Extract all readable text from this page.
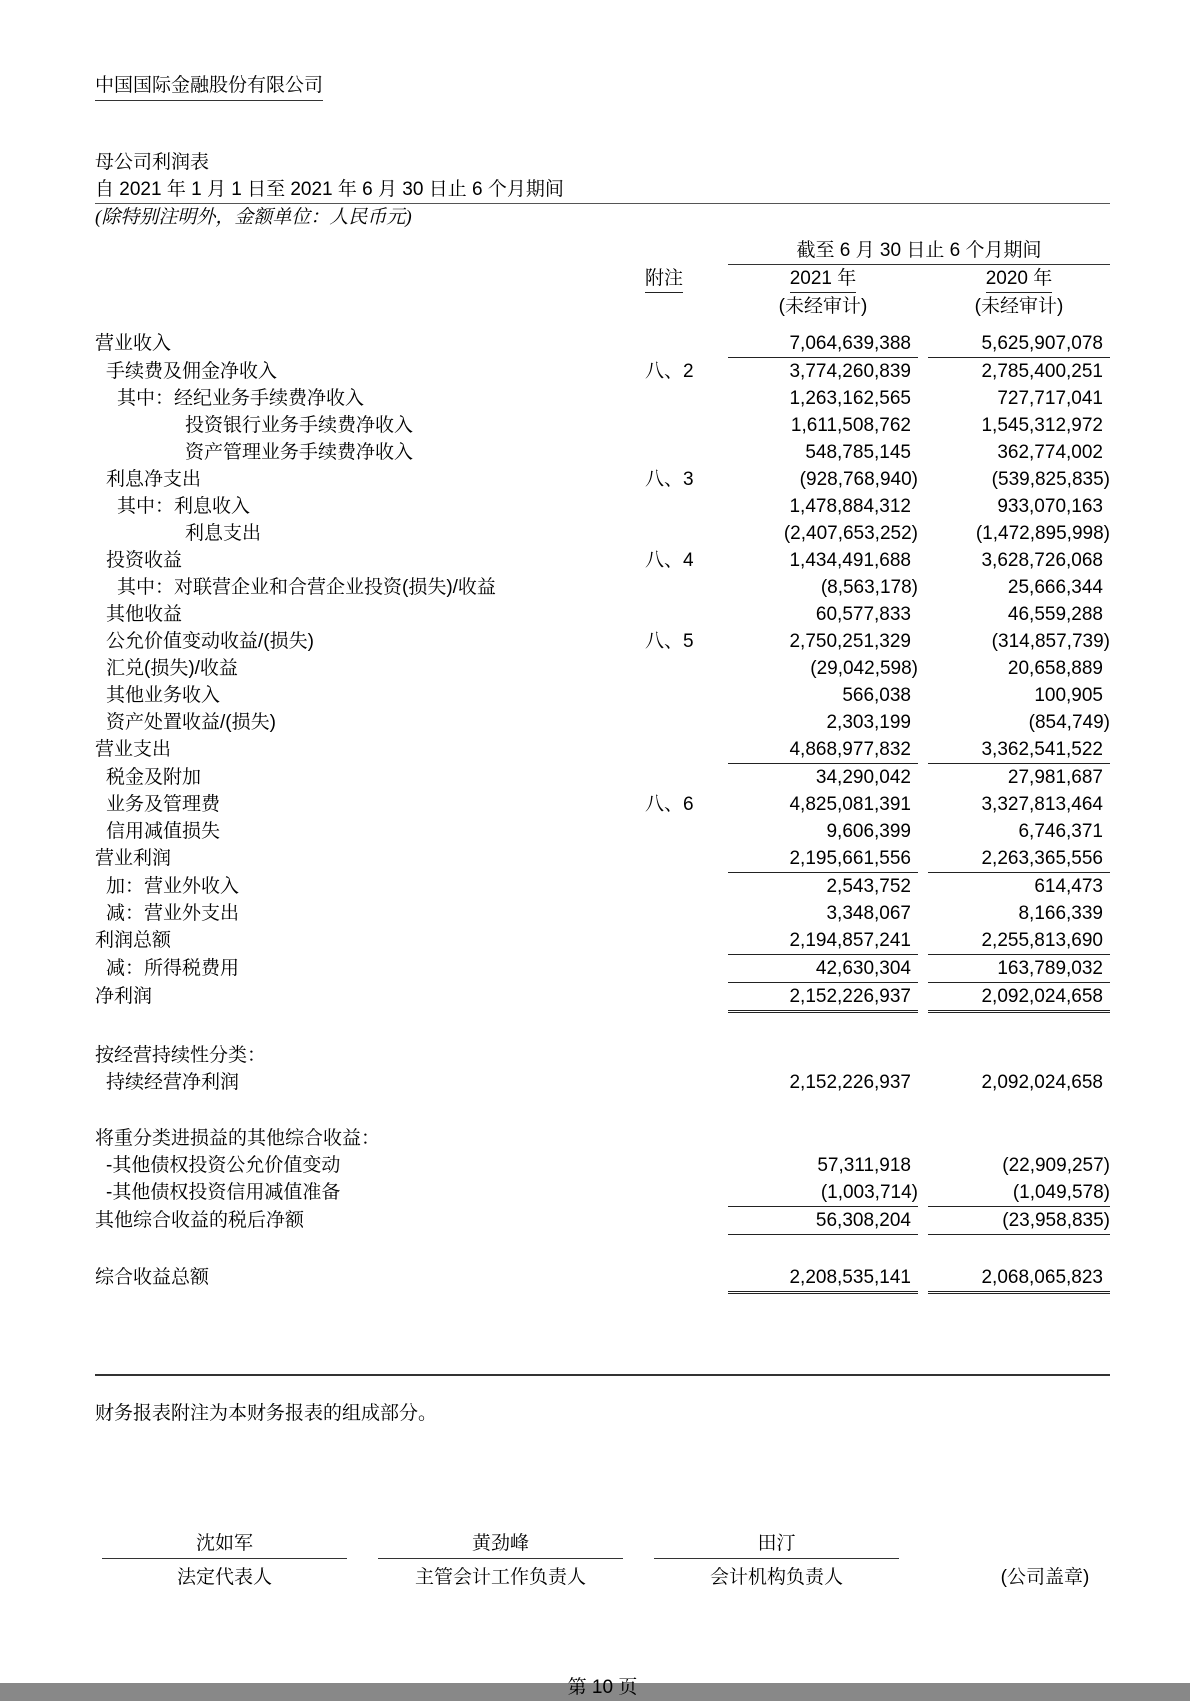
中国国际金融股份有限公司
母公司利润表
自 2021 年 1 月 1 日至 2021 年 6 月 30 日止 6 个月期间
(除特别注明外，金额单位：人民币元)
截至 6 月 30 日止 6 个月期间
附注	2021 年	2020 年
(未经审计)	(未经审计)
营业收入	7,064,639,388	5,625,907,078
手续费及佣金净收入	八、2	3,774,260,839	2,785,400,251
其中：经纪业务手续费净收入	1,263,162,565	727,717,041
投资银行业务手续费净收入	1,611,508,762	1,545,312,972
资产管理业务手续费净收入	548,785,145	362,774,002
利息净支出	八、3	(928,768,940)	(539,825,835)
其中：利息收入	1,478,884,312	933,070,163
利息支出	(2,407,653,252)	(1,472,895,998)
投资收益	八、4	1,434,491,688	3,628,726,068
其中：对联营企业和合营企业投资(损失)/收益	(8,563,178)	25,666,344
其他收益	60,577,833	46,559,288
公允价值变动收益/(损失)	八、5	2,750,251,329	(314,857,739)
汇兑(损失)/收益	(29,042,598)	20,658,889
其他业务收入	566,038	100,905
资产处置收益/(损失)	2,303,199	(854,749)
营业支出	4,868,977,832	3,362,541,522
税金及附加	34,290,042	27,981,687
业务及管理费	八、6	4,825,081,391	3,327,813,464
信用减值损失	9,606,399	6,746,371
营业利润	2,195,661,556	2,263,365,556
加：营业外收入	2,543,752	614,473
减：营业外支出	3,348,067	8,166,339
利润总额	2,194,857,241	2,255,813,690
减：所得税费用	42,630,304	163,789,032
净利润	2,152,226,937	2,092,024,658
按经营持续性分类：
持续经营净利润	2,152,226,937	2,092,024,658
将重分类进损益的其他综合收益：
-其他债权投资公允价值变动	57,311,918	(22,909,257)
-其他债权投资信用减值准备	(1,003,714)	(1,049,578)
其他综合收益的税后净额	56,308,204	(23,958,835)
综合收益总额	2,208,535,141	2,068,065,823
财务报表附注为本财务报表的组成部分。
(公司盖章)
沈如军
法定代表人
黄劲峰
主管会计工作负责人
田汀
会计机构负责人
第 10 页
